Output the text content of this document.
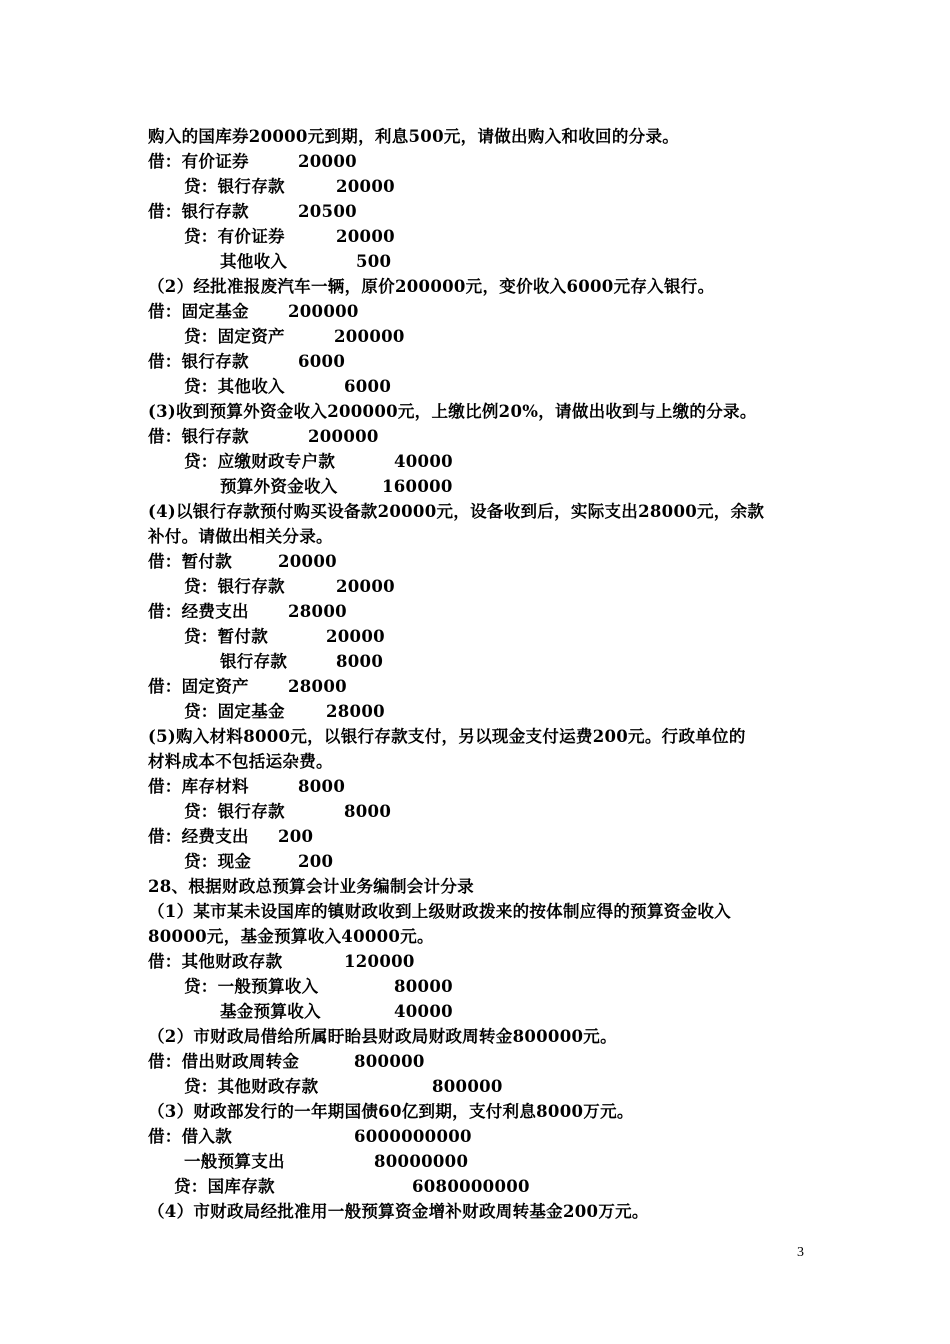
购入的国库券20000元到期，利息500元，请做出购入和收回的分录。
借：有价证券	20000
贷：银行存款	20000
借：银行存款	20500
贷：有价证券	20000
其他收入	500
（2）经批准报废汽车一辆，原价200000元，变价收入6000元存入银行。
借：固定基金 200000
贷：固定资产	200000
借：银行存款	6000
贷：其他收入	6000
(3)收到预算外资金收入200000元，上缴比例20%，请做出收到与上缴的分录。
借：银行存款	200000
贷：应缴财政专户款	40000
预算外资金收入	160000
(4)以银行存款预付购买设备款20000元，设备收到后，实际支出28000元，余款
补付。请做出相关分录。
借：暂付款	20000
贷：银行存款	20000
借：经费支出 28000
贷：暂付款	20000
银行存款	8000
借：固定资产 28000
贷：固定基金 28000
(5)购入材料8000元，以银行存款支付，另以现金支付运费200元。行政单位的
材料成本不包括运杂费。
借：库存材料	8000
贷：银行存款	8000
借：经费支出 200
贷：现金	200
28、根据财政总预算会计业务编制会计分录
（1）某市某未设国库的镇财政收到上级财政拨来的按体制应得的预算资金收入
80000元，基金预算收入40000元。
借：其他财政存款	120000
贷：一般预算收入	80000
基金预算收入	40000
（2）市财政局借给所属盱眙县财政局财政周转金800000元。
借：借出财政周转金	800000
贷：其他财政存款	800000
（3）财政部发行的一年期国债60亿到期，支付利息8000万元。
借：借入款	6000000000
一般预算支出	80000000
贷：国库存款	6080000000
（4）市财政局经批准用一般预算资金增补财政周转基金200万元。
3
